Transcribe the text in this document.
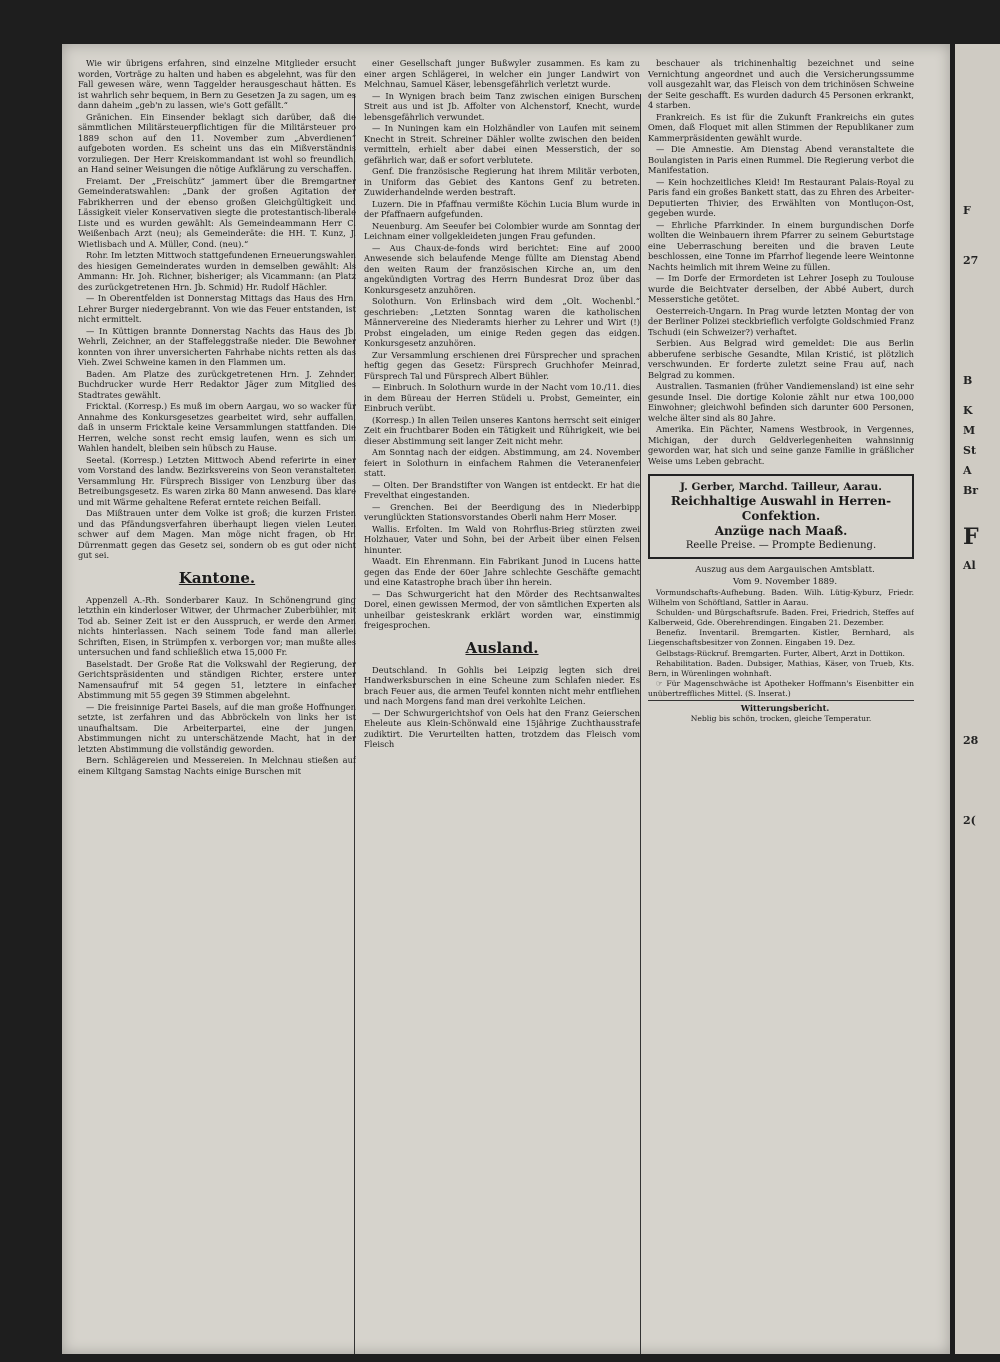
F
27
B
K
M
St
A
Br
F
Al
28
2(

Wie wir übrigens erfahren, sind einzelne Mitglieder ersucht worden, Vorträge zu halten und haben es abgelehnt, was für den Fall gewesen wäre, wenn Taggelder herausgeschaut hätten. Es ist wahrlich sehr bequem, in Bern zu Gesetzen Ja zu sagen, um es dann daheim „geb'n zu lassen, wie's Gott gefällt.“

Gränichen. Ein Einsender beklagt sich darüber, daß die sämmtlichen Militärsteuerpflichtigen für die Militärsteuer pro 1889 schon auf den 11. November zum „Abverdienen“ aufgeboten worden. Es scheint uns das ein Mißverständnis vorzuliegen. Der Herr Kreiskommandant ist wohl so freundlich, an Hand seiner Weisungen die nötige Aufklärung zu verschaffen.

Freiamt. Der „Freischütz“ jammert über die Bremgartner Gemeinderatswahlen: „Dank der großen Agitation der Fabrikherren und der ebenso großen Gleichgültigkeit und Lässigkeit vieler Konservativen siegte die protestantisch-liberale Liste und es wurden gewählt: Als Gemeindeammann Herr C. Weißenbach Arzt (neu); als Gemeinderäte: die HH. T. Kunz, J. Wietlisbach und A. Müller, Cond. (neu).“

Rohr. Im letzten Mittwoch stattgefundenen Erneuerungswahlen des hiesigen Gemeinderates wurden in demselben gewählt: Als Ammann: Hr. Joh. Richner, bisheriger; als Vicammann: (an Platz des zurückgetretenen Hrn. Jb. Schmid) Hr. Rudolf Hächler.

— In Oberentfelden ist Donnerstag Mittags das Haus des Hrn. Lehrer Burger niedergebrannt. Von wie das Feuer entstanden, ist nicht ermittelt.

— In Küttigen brannte Donnerstag Nachts das Haus des Jb. Wehrli, Zeichner, an der Staffeleggstraße nieder. Die Bewohner konnten von ihrer unversicherten Fahrhabe nichts retten als das Vieh. Zwei Schweine kamen in den Flammen um.

Baden. Am Platze des zurückgetretenen Hrn. J. Zehnder, Buchdrucker wurde Herr Redaktor Jäger zum Mitglied des Stadtrates gewählt.

Fricktal. (Korresp.) Es muß im obern Aargau, wo so wacker für Annahme des Konkursgesetzes gearbeitet wird, sehr auffallen, daß in unserm Fricktale keine Versammlungen stattfanden. Die Herren, welche sonst recht emsig laufen, wenn es sich um Wahlen handelt, bleiben sein hübsch zu Hause.

Seetal. (Korresp.) Letzten Mittwoch Abend referirte in einer vom Vorstand des landw. Bezirksvereins von Seon veranstalteten Versammlung Hr. Fürsprech Bissiger von Lenzburg über das Betreibungsgesetz. Es waren zirka 80 Mann anwesend. Das klare und mit Wärme gehaltene Referat erntete reichen Beifall.

Das Mißtrauen unter dem Volke ist groß; die kurzen Fristen und das Pfändungsverfahren überhaupt liegen vielen Leuten schwer auf dem Magen. Man möge nicht fragen, ob Hr. Dürrenmatt gegen das Gesetz sei, sondern ob es gut oder nicht gut sei.

Kantone.

Appenzell A.-Rh. Sonderbarer Kauz. In Schönengrund ging letzthin ein kinderloser Witwer, der Uhrmacher Zuberbühler, mit Tod ab. Seiner Zeit ist er den Ausspruch, er werde den Armen nichts hinterlassen. Nach seinem Tode fand man allerlei Schriften, Eisen, in Strümpfen x. verborgen vor; man mußte alles untersuchen und fand schließlich etwa 15,000 Fr.

Baselstadt. Der Große Rat die Volkswahl der Regierung, der Gerichtspräsidenten und ständigen Richter, erstere unter Namensaufruf mit 54 gegen 51, letztere in einfacher Abstimmung mit 55 gegen 39 Stimmen abgelehnt.

— Die freisinnige Partei Basels, auf die man große Hoffnungen setzte, ist zerfahren und das Abbröckeln von links her ist unaufhaltsam. Die Arbeiterpartei, eine der jungen, Abstimmungen nicht zu unterschätzende Macht, hat in der letzten Abstimmung die vollständig geworden.

Bern. Schlägereien und Messereien. In Melchnau stießen auf einem Kiltgang Samstag Nachts einige Burschen mit

einer Gesellschaft junger Bußwyler zusammen. Es kam zu einer argen Schlägerei, in welcher ein junger Landwirt von Melchnau, Samuel Käser, lebensgefährlich verletzt wurde.

— In Wynigen brach beim Tanz zwischen einigen Burschen Streit aus und ist Jb. Affolter von Alchenstorf, Knecht, wurde lebensgefährlich verwundet.

— In Nuningen kam ein Holzhändler von Laufen mit seinem Knecht in Streit. Schreiner Dähler wollte zwischen den beiden vermitteln, erhielt aber dabei einen Messerstich, der so gefährlich war, daß er sofort verblutete.

Genf. Die französische Regierung hat ihrem Militär verboten, in Uniform das Gebiet des Kantons Genf zu betreten. Zuwiderhandelnde werden bestraft.

Luzern. Die in Pfaffnau vermißte Köchin Lucia Blum wurde in der Pfaffnaern aufgefunden.

Neuenburg. Am Seeufer bei Colombier wurde am Sonntag der Leichnam einer vollgekleideten jungen Frau gefunden.

— Aus Chaux-de-fonds wird berichtet: Eine auf 2000 Anwesende sich belaufende Menge füllte am Dienstag Abend den weiten Raum der französischen Kirche an, um den angekündigten Vortrag des Herrn Bundesrat Droz über das Konkursgesetz anzuhören.

Solothurn. Von Erlinsbach wird dem „Olt. Wochenbl.“ geschrieben: „Letzten Sonntag waren die katholischen Männervereine des Niederamts hierher zu Lehrer und Wirt (!) Probst eingeladen, um einige Reden gegen das eidgen. Konkursgesetz anzuhören.

Zur Versammlung erschienen drei Fürsprecher und sprachen heftig gegen das Gesetz: Fürsprech Gruchhofer Meinrad, Fürsprech Tal und Fürsprech Albert Bühler.

— Einbruch. In Solothurn wurde in der Nacht vom 10./11. dies in dem Büreau der Herren Stüdeli u. Probst, Gemeinter, ein Einbruch verübt.

(Korresp.) In allen Teilen unseres Kantons herrscht seit einiger Zeit ein fruchtbarer Boden ein Tätigkeit und Rührigkeit, wie bei dieser Abstimmung seit langer Zeit nicht mehr.

Am Sonntag nach der eidgen. Abstimmung, am 24. November feiert in Solothurn in einfachem Rahmen die Veteranenfeier statt.

— Olten. Der Brandstifter von Wangen ist entdeckt. Er hat die Frevelthat eingestanden.

— Grenchen. Bei der Beerdigung des in Niederbipp verunglückten Stationsvorstandes Oberli nahm Herr Moser.

Wallis. Erfolten. Im Wald von Rohrflus-Brieg stürzten zwei Holzhauer, Vater und Sohn, bei der Arbeit über einen Felsen hinunter.

Waadt. Ein Ehrenmann. Ein Fabrikant Junod in Lucens hatte gegen das Ende der 60er Jahre schlechte Geschäfte gemacht und eine Katastrophe brach über ihn herein.

— Das Schwurgericht hat den Mörder des Rechtsanwaltes Dorel, einen gewissen Mermod, der von sämtlichen Experten als unheilbar geisteskrank erklärt worden war, einstimmig freigesprochen.

Ausland.

Deutschland. In Gohlis bei Leipzig legten sich drei Handwerksburschen in eine Scheune zum Schlafen nieder. Es brach Feuer aus, die armen Teufel konnten nicht mehr entfliehen und nach Morgens fand man drei verkohlte Leichen.

— Der Schwurgerichtshof von Oels hat den Franz Geierschen Eheleute aus Klein-Schönwald eine 15jährige Zuchthausstrafe zudiktirt. Die Verurteilten hatten, trotzdem das Fleisch vom Fleisch

beschauer als trichinenhaltig bezeichnet und seine Vernichtung angeordnet und auch die Versicherungssumme voll ausgezahlt war, das Fleisch von dem trichinösen Schweine der Seite geschafft. Es wurden dadurch 45 Personen erkrankt, 4 starben.

Frankreich. Es ist für die Zukunft Frankreichs ein gutes Omen, daß Floquet mit allen Stimmen der Republikaner zum Kammerpräsidenten gewählt wurde.

— Die Amnestie. Am Dienstag Abend veranstaltete die Boulangisten in Paris einen Rummel. Die Regierung verbot die Manifestation.

— Kein hochzeitliches Kleid! Im Restaurant Palais-Royal zu Paris fand ein großes Bankett statt, das zu Ehren des Arbeiter-Deputierten Thivier, des Erwählten von Montluçon-Ost, gegeben wurde.

— Ehrliche Pfarrkinder. In einem burgundischen Dorfe wollten die Weinbauern ihrem Pfarrer zu seinem Geburtstage eine Ueberraschung bereiten und die braven Leute beschlossen, eine Tonne im Pfarrhof liegende leere Weintonne Nachts heimlich mit ihrem Weine zu füllen.

— Im Dorfe der Ermordeten ist Lehrer Joseph zu Toulouse wurde die Beichtvater derselben, der Abbé Aubert, durch Messerstiche getötet.

Oesterreich-Ungarn. In Prag wurde letzten Montag der von der Berliner Polizei steckbrieflich verfolgte Goldschmied Franz Tschudi (ein Schweizer?) verhaftet.

Serbien. Aus Belgrad wird gemeldet: Die aus Berlin abberufene serbische Gesandte, Milan Kristić, ist plötzlich verschwunden. Er forderte zuletzt seine Frau auf, nach Belgrad zu kommen.

Australien. Tasmanien (früher Vandiemensland) ist eine sehr gesunde Insel. Die dortige Kolonie zählt nur etwa 100,000 Einwohner; gleichwohl befinden sich darunter 600 Personen, welche älter sind als 80 Jahre.

Amerika. Ein Pächter, Namens Westbrook, in Vergennes, Michigan, der durch Geldverlegenheiten wahnsinnig geworden war, hat sich und seine ganze Familie in gräßlicher Weise ums Leben gebracht.

J. Gerber, Marchd. Tailleur, Aarau.
Reichhaltige Auswahl in Herren-Confektion.
Anzüge nach Maaß.
Reelle Preise. — Prompte Bedienung.

Auszug aus dem Aargauischen Amtsblatt.

Vom 9. November 1889.

Vormundschafts-Aufhebung. Baden. Wilh. Lütig-Kyburz, Friedr. Wilhelm von Schöftland, Sattler in Aarau.

Schulden- und Bürgschaftsrufe. Baden. Frei, Friedrich, Steffes auf Kalberweid, Gde. Oberehrendingen. Eingaben 21. Dezember.

Benefiz. Inventaril. Bremgarten. Kistler, Bernhard, als Liegenschaftsbesitzer von Zonnen. Eingaben 19. Dez.

Gelbstags-Rückruf. Bremgarten. Furter, Albert, Arzt in Dottikon.

Rehabilitation. Baden. Dubsiger, Mathias, Käser, von Trueb, Kts. Bern, in Würenlingen wohnhaft.

☞ Für Magenschwäche ist Apotheker Hoffmann's Eisenbitter ein unübertreffliches Mittel. (S. Inserat.)

Witterungsbericht.

Neblig bis schön, trocken, gleiche Temperatur.
